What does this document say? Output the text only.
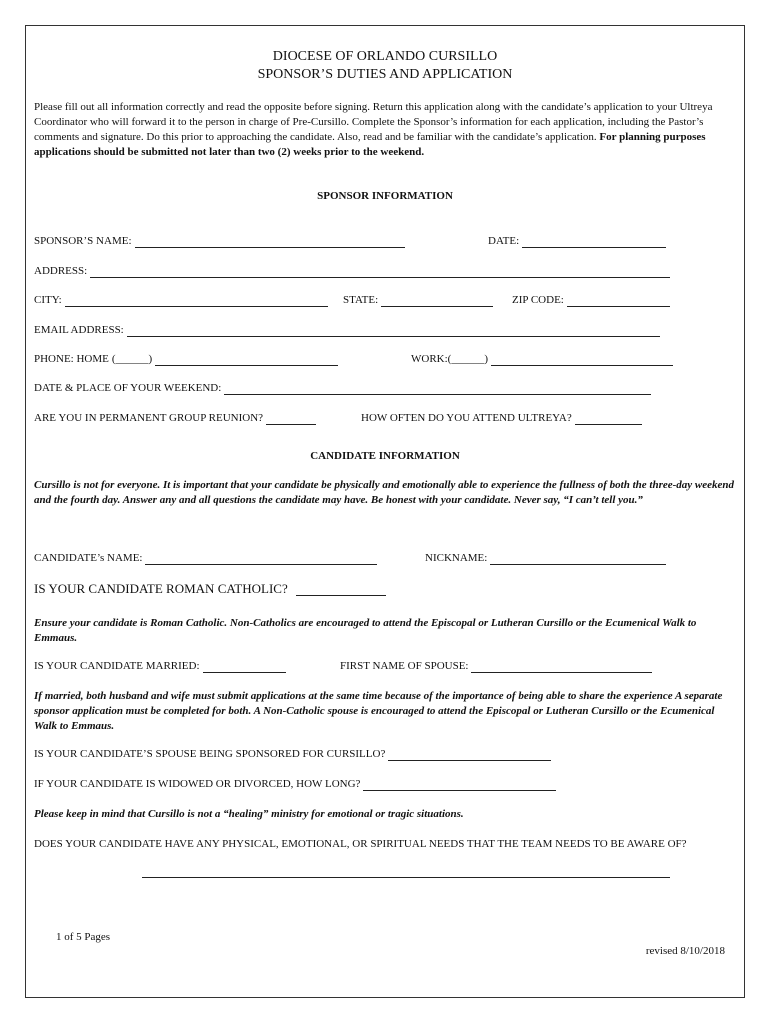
DIOCESE OF ORLANDO CURSILLO
SPONSOR’S DUTIES AND APPLICATION
Please fill out all information correctly and read the opposite before signing. Return this application along with the candidate’s application to your Ultreya Coordinator who will forward it to the person in charge of Pre-Cursillo. Complete the Sponsor’s information for each application, including the Pastor’s comments and signature. Do this prior to approaching the candidate. Also, read and be familiar with the candidate’s application. For planning purposes applications should be submitted not later than two (2) weeks prior to the weekend.
SPONSOR INFORMATION
SPONSOR’S NAME:	DATE:
ADDRESS:
CITY:	STATE:	ZIP CODE:
EMAIL ADDRESS:
PHONE: HOME (______)	WORK: (______)
DATE & PLACE OF YOUR WEEKEND:
ARE YOU IN PERMANENT GROUP REUNION?	HOW OFTEN DO YOU ATTEND ULTREYA?
CANDIDATE INFORMATION
Cursillo is not for everyone. It is important that your candidate be physically and emotionally able to experience the fullness of both the three-day weekend and the fourth day. Answer any and all questions the candidate may have. Be honest with your candidate. Never say, “I can’t tell you.”
CANDIDATE’s NAME:	NICKNAME:
IS YOUR CANDIDATE ROMAN CATHOLIC?
Ensure your candidate is Roman Catholic. Non-Catholics are encouraged to attend the Episcopal or Lutheran Cursillo or the Ecumenical Walk to Emmaus.
IS YOUR CANDIDATE MARRIED:	FIRST NAME OF SPOUSE:
If married, both husband and wife must submit applications at the same time because of the importance of being able to share the experience A separate sponsor application must be completed for both. A Non-Catholic spouse is encouraged to attend the Episcopal or Lutheran Cursillo or the Ecumenical Walk to Emmaus.
IS YOUR CANDIDATE’S SPOUSE BEING SPONSORED FOR CURSILLO?
IF YOUR CANDIDATE IS WIDOWED OR DIVORCED, HOW LONG?
Please keep in mind that Cursillo is not a “healing” ministry for emotional or tragic situations.
DOES YOUR CANDIDATE HAVE ANY PHYSICAL, EMOTIONAL, OR SPIRITUAL NEEDS THAT THE TEAM NEEDS TO BE AWARE OF?
1 of 5 Pages
revised 8/10/2018
